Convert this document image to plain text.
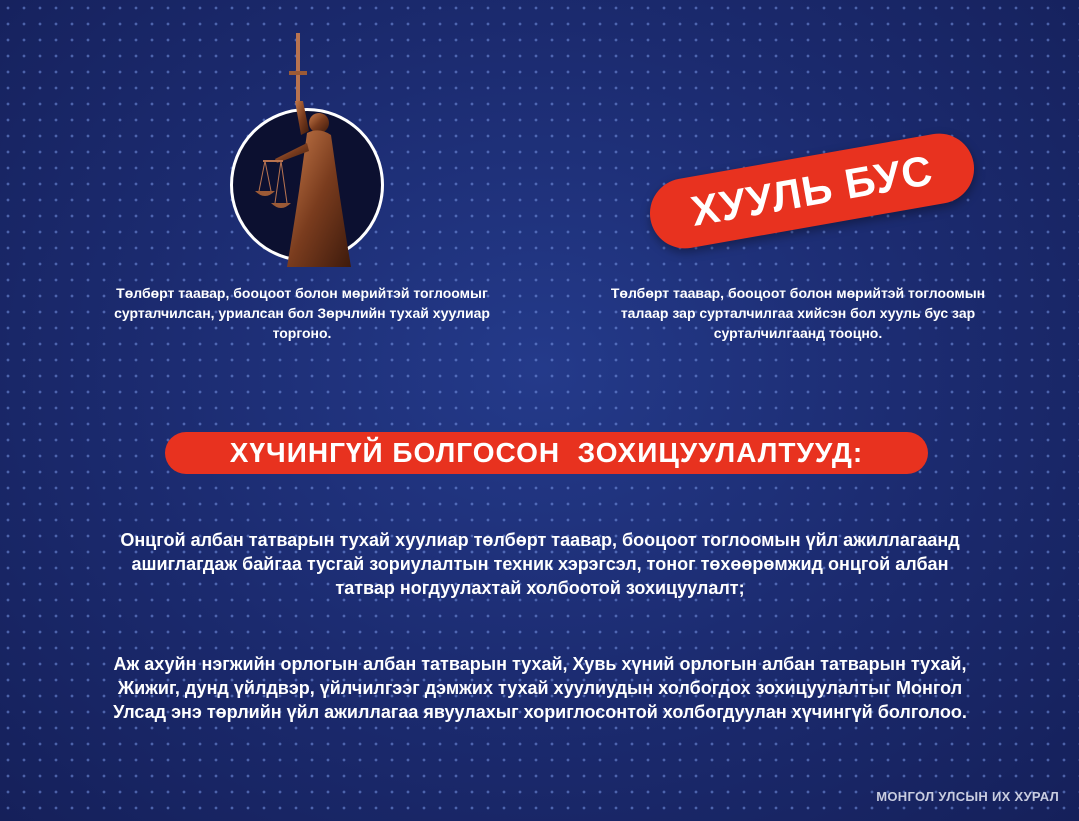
Төлбөрт таавар, бооцоот болон мөрийтэй тоглоомыг сурталчилсан, уриалсан бол Зөрчлийн тухай хуулиар торгоно.
ХУУЛЬ БУС
Төлбөрт таавар, бооцоот болон мөрийтэй тоглоомын талаар зар сурталчилгаа хийсэн бол хууль бус зар сурталчилгаанд тооцно.
ХҮЧИНГҮЙ БОЛГОСОН  ЗОХИЦУУЛАЛТУУД:
Онцгой албан татварын тухай хуулиар төлбөрт таавар, бооцоот тоглоомын үйл ажиллагаанд ашиглагдаж байгаа тусгай зориулалтын техник хэрэгсэл, тоног төхөөрөмжид онцгой албан татвар ногдуулахтай холбоотой зохицуулалт;
Аж ахуйн нэгжийн орлогын албан татварын тухай, Хувь хүний орлогын албан татварын тухай, Жижиг, дунд үйлдвэр, үйлчилгээг дэмжих тухай хуулиудын холбогдох зохицуулалтыг Монгол Улсад энэ төрлийн үйл ажиллагаа явуулахыг хориглосонтой холбогдуулан хүчингүй болголоо.
МОНГОЛ УЛСЫН ИХ ХУРАЛ
